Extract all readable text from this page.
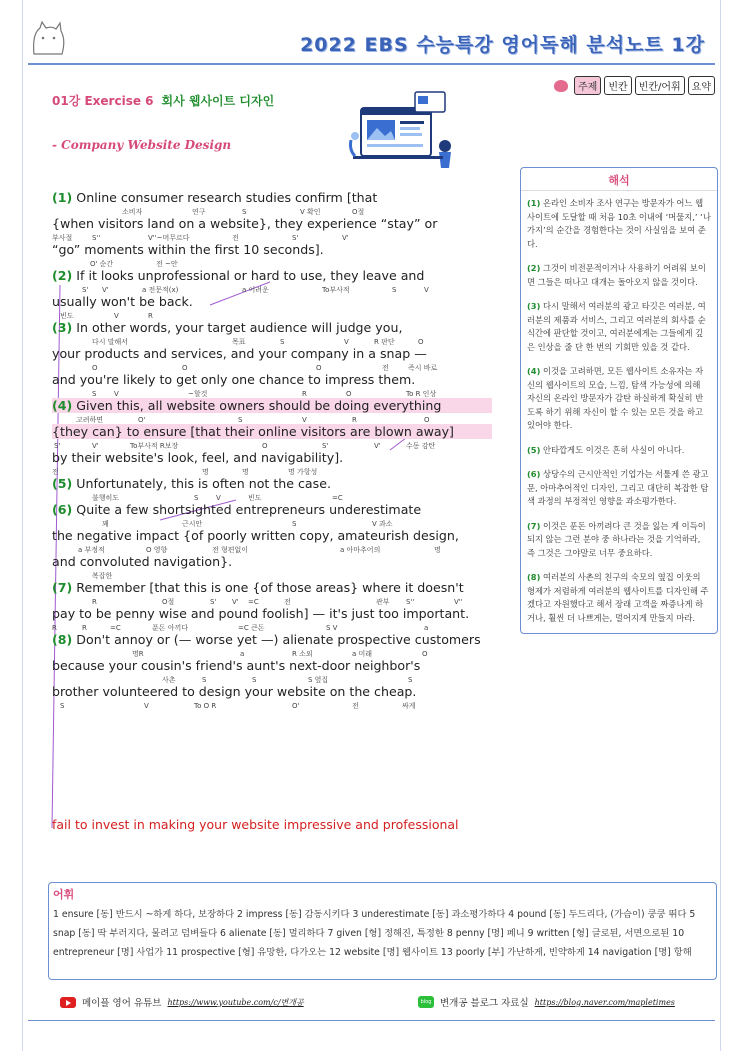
2022 EBS 수능특강 영어독해 분석노트 1강
주제	빈칸	빈칸/어휘	요약
01강 Exercise 6 회사 웹사이트 디자인
- Company Website Design
(1) Online consumer research studies confirm [that
소비자	연구	S	V 확인	O절
{when visitors land on a website}, they experience “stay” or
부사절	S''	V''~머무르다	전	S'	V'
“go” moments within the first 10 seconds].
O' 순간	전 ~안
(2) If it looks unprofessional or hard to use, they leave and
S' V'	a 전문적(x)	a 어려운	To부사적	S	V
usually won't be back.
빈도	V	R
(3) In other words, your target audience will judge you,
다시 말해서	목표	S	V	R 판단	O
your products and services, and your company in a snap —
O	O	O	전	즉시 바로
and you're likely to get only one chance to impress them.
S	V	~할것	R	O	To R 인상
(4) Given this, all website owners should be doing everything
고려하면	O'	S	V	R	O
{they can} to ensure [that their online visitors are blown away]
S'	V'	To부사적 R보장	O	S'	V'	수동 감탄
by their website's look, feel, and navigability].
전	명	명	명 가항성
(5) Unfortunately, this is often not the case.
불행히도	S	V	빈도	=C
(6) Quite a few shortsighted entrepreneurs underestimate
꽤	근시안	S	V 과소
the negative impact {of poorly written copy, amateurish design,
a 부정적	O 영향	전 형편없이	a 아마추어의	명
and convoluted navigation}.
복잡한
(7) Remember [that this is one {of those areas} where it doesn't
R	O절	S' V' =C	전	관부 S''	V''
pay to be penny wise and pound foolish] — it's just too important.
R	R	=C	푼돈 아끼다	=C 큰돈	S V	a
(8) Don't annoy or (— worse yet —) alienate prospective customers
명R	a	R 소외	a 미래	O
because your cousin's friend's aunt's next-door neighbor's
사촌	S	S	S 옆집	S
brother volunteered to design your website on the cheap.
S	V	To O R	O'	전	싸게
fail to invest in making your website impressive and professional
해석
(1) 온라인 소비자 조사 연구는 방문자가 어느 웹사이트에 도달할 때 처음 10초 이내에 ‘머물지,’ ‘나가지’의 순간을 경험한다는 것이 사실임을 보여 준다.
(2) 그것이 비전문적이거나 사용하기 어려워 보이면 그들은 떠나고 대개는 돌아오지 않을 것이다.
(3) 다시 말해서 여러분의 광고 타깃은 여러분, 여러분의 제품과 서비스, 그리고 여러분의 회사를 순식간에 판단할 것이고, 여러분에게는 그들에게 깊은 인상을 줄 단 한 번의 기회만 있을 것 같다.
(4) 이것을 고려하면, 모든 웹사이트 소유자는 자신의 웹사이트의 모습, 느낌, 탐색 가능성에 의해 자신의 온라인 방문자가 감탄 하실하게 확실히 반도록 하기 위해 자신이 할 수 있는 모든 것을 하고 있어야 한다.
(5) 안타깝게도 이것은 흔히 사실이 아니다.
(6) 상당수의 근시안적인 기업가는 서툴게 쓴 광고문, 아마추어적인 디자인, 그리고 대단히 복잡한 탐색 과정의 부정적인 영향을 과소평가한다.
(7) 이것은 푼돈 아끼려다 큰 것을 잃는 게 이득이 되지 않는 그런 분야 중 하나라는 것을 기억하라, 즉 그것은 그야말로 너무 중요하다.
(8) 여러분의 사촌의 친구의 숙모의 옆집 이웃의 형제가 저렴하게 여러분의 웹사이트를 디자인해 주겠다고 자원했다고 해서 장래 고객을 짜증나게 하거나, 훨씬 더 나쁘게는, 멀어지게 만들지 마라.
어휘
1 ensure [동] 반드시 ~하게 하다, 보장하다 2 impress [동] 감동시키다 3 underestimate [동] 과소평가하다 4 pound [동] 두드리다, (가슴이) 쿵쿵 뛰다 5 snap [동] 딱 부러지다, 물려고 덤벼들다 6 alienate [동] 멀리하다 7 given [형] 정해진, 특정한 8 penny [명] 페니 9 written [형] 글로된, 서면으로된 10 entrepreneur [명] 사업가 11 prospective [형] 유망한, 다가오는 12 website [명] 웹사이트 13 poorly [부] 가난하게, 빈약하게 14 navigation [명] 항해
메이플 영어 유튜브 https://www.youtube.com/c/변개공	blog 변개공 블로그 자료실 https://blog.naver.com/mapletimes
